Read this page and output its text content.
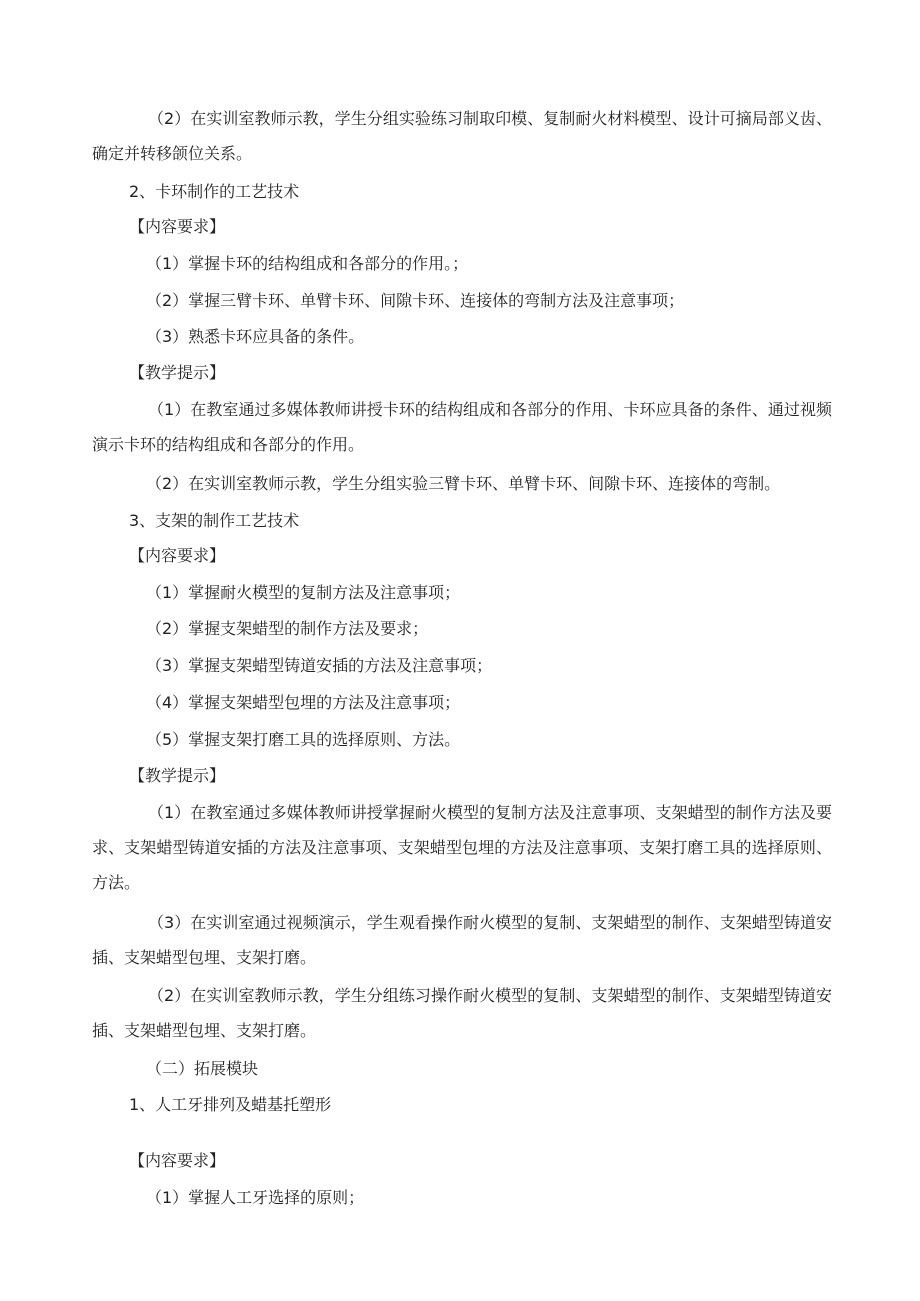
（2）在实训室教师示教，学生分组实验练习制取印模、复制耐火材料模型、设计可摘局部义齿、确定并转移颌位关系。
2、卡环制作的工艺技术
【内容要求】
（1）掌握卡环的结构组成和各部分的作用。；
（2）掌握三臂卡环、单臂卡环、间隙卡环、连接体的弯制方法及注意事项；
（3）熟悉卡环应具备的条件。
【教学提示】
（1）在教室通过多媒体教师讲授卡环的结构组成和各部分的作用、卡环应具备的条件、通过视频演示卡环的结构组成和各部分的作用。
（2）在实训室教师示教，学生分组实验三臂卡环、单臂卡环、间隙卡环、连接体的弯制。
3、支架的制作工艺技术
【内容要求】
（1）掌握耐火模型的复制方法及注意事项；
（2）掌握支架蜡型的制作方法及要求；
（3）掌握支架蜡型铸道安插的方法及注意事项；
（4）掌握支架蜡型包埋的方法及注意事项；
（5）掌握支架打磨工具的选择原则、方法。
【教学提示】
（1）在教室通过多媒体教师讲授掌握耐火模型的复制方法及注意事项、支架蜡型的制作方法及要求、支架蜡型铸道安插的方法及注意事项、支架蜡型包埋的方法及注意事项、支架打磨工具的选择原则、方法。
（3）在实训室通过视频演示，学生观看操作耐火模型的复制、支架蜡型的制作、支架蜡型铸道安插、支架蜡型包埋、支架打磨。
（2）在实训室教师示教，学生分组练习操作耐火模型的复制、支架蜡型的制作、支架蜡型铸道安插、支架蜡型包埋、支架打磨。
（二）拓展模块
1、人工牙排列及蜡基托塑形
【内容要求】
（1）掌握人工牙选择的原则；
